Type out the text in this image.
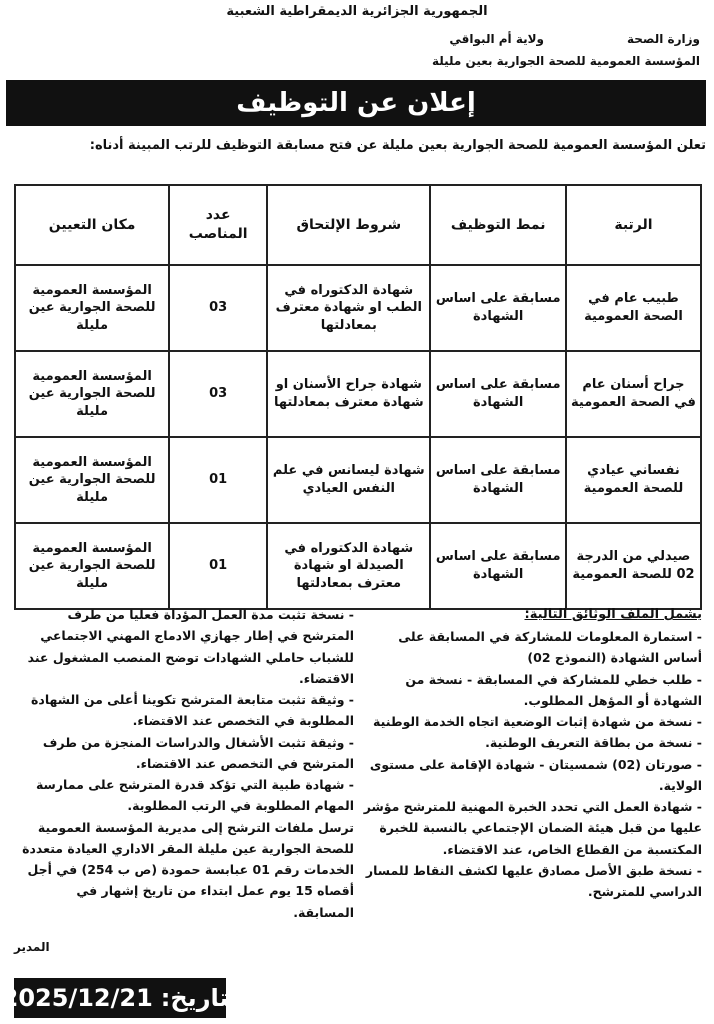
الجمهورية الجزائرية الديمقراطية الشعبية
وزارة الصحة
ولاية أم البواقي
المؤسسة العمومية للصحة الجوارية بعين مليلة
إعلان عن التوظيف
تعلن المؤسسة العمومية للصحة الجوارية بعين مليلة عن فتح مسابقة التوظيف للرتب المبينة أدناه:
الرتبة	نمط التوظيف	شروط الإلتحاق	عدد المناصب	مكان التعيين
طبيب عام في الصحة العمومية	مسابقة على اساس الشهادة	شهادة الدكتوراه في الطب او شهادة معترف بمعادلتها	03	المؤسسة العمومية للصحة الجوارية عين مليلة
جراح أسنان عام في الصحة العمومية	مسابقة على اساس الشهادة	شهادة جراح الأسنان او شهادة معترف بمعادلتها	03	المؤسسة العمومية للصحة الجوارية عين مليلة
نفساني عيادي للصحة العمومية	مسابقة على اساس الشهادة	شهادة ليسانس في علم النفس العيادي	01	المؤسسة العمومية للصحة الجوارية عين مليلة
صيدلي من الدرجة 02 للصحة العمومية	مسابقة على اساس الشهادة	شهادة الدكتوراه في الصيدلة او شهادة معترف بمعادلتها	01	المؤسسة العمومية للصحة الجوارية عين مليلة
يشمل الملف الوثائق التالية:

- استمارة المعلومات للمشاركة في المسابقة على أساس الشهادة (النموذج 02)

- طلب خطي للمشاركة في المسابقة - نسخة من الشهادة أو المؤهل المطلوب.

- نسخة من شهادة إثبات الوضعية اتجاه الخدمة الوطنية

- نسخة من بطاقة التعريف الوطنية.

- صورتان (02) شمسيتان - شهادة الإقامة على مستوى الولاية.

- شهادة العمل التي تحدد الخبرة المهنية للمترشح مؤشر عليها من قبل هيئة الضمان الإجتماعي بالنسبة للخبرة المكتسبة من القطاع الخاص، عند الاقتضاء.

- نسخة طبق الأصل مصادق عليها لكشف النقاط للمسار الدراسي للمترشح.

- نسخة تثبت مدة العمل المؤداة فعليا من طرف المترشح في إطار جهازي الادماج المهني الاجتماعي للشباب حاملي الشهادات توضح المنصب المشغول عند الاقتضاء.

- وثيقة تثبت متابعة المترشح تكوينا أعلى من الشهادة المطلوبة في التخصص عند الاقتضاء.

- وثيقة تثبت الأشغال والدراسات المنجزة من طرف المترشح في التخصص عند الاقتضاء.

- شهادة طبية التي تؤكد قدرة المترشح على ممارسة المهام المطلوبة في الرتب المطلوبة.

ترسل ملفات الترشح إلى مديرية المؤسسة العمومية للصحة الجوارية عين مليلة المقر الاداري العيادة متعددة الخدمات رقم 01 عبابسة حمودة (ص ب 254) في أجل أقصاه 15 يوم عمل ابتداء من تاريخ إشهار في المسابقة.

المدير
بتاريخ:
2025/12/21
